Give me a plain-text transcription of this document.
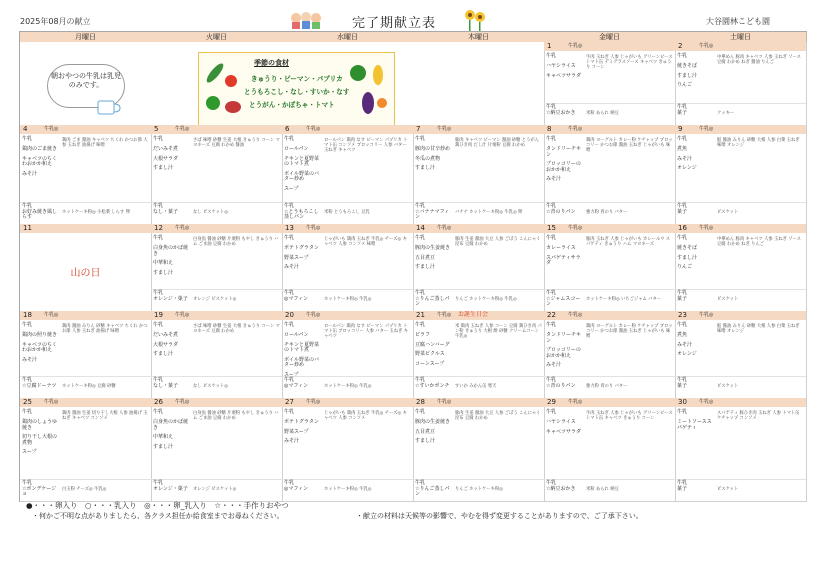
2025年08月の献立	完了期献立表	大谷園林こども園
月曜日	火曜日	水曜日	木曜日	金曜日	土曜日
朝おやつの牛乳は乳児のみです。
季節の食材
きゅうり・ピーマン・パプリカ
とうもろこし・なし・すいか・なす
とうがん・かぼちゃ・トマト
1	牛乳◎
牛乳
ハヤシライス
キャベツサラダ
牛肉 玉ねぎ 人参 じゃがいも グリーンピース トマト缶 デミグラスソース キャベツ きゅうり コーン
牛乳
☆納豆おかき	米粉 あられ 納豆
2	牛乳◎
牛乳
焼きそば
すまし汁
りんご
中華めん 豚肉 キャベツ 人参 玉ねぎ ソース 豆腐 わかめ ねぎ 醤油 りんご
牛乳
菓子	クッキー
4	牛乳◎
牛乳
鶏肉のごま焼き
キャベツのちくわおかか和え
みそ汁
鶏肉 ごま 醤油 キャベツ ちくわ かつお節 人参 玉ねぎ 油揚げ 味噌
牛乳
お好み焼き風しらす
ホットケーキ粉◎ 小松菜 しらす 卵
5	牛乳◎
牛乳
だいみそ煮
大根サラダ
すまし汁
さば 味噌 砂糖 生姜 大根 きゅうり コーン マヨネーズ 豆腐 わかめ 醤油
牛乳
なし・菓子	なし ビスケット◎
6	牛乳◎
牛乳
ロールパン
チキンと夏野菜のトマト煮
ボイル野菜のバター炒め
スープ
ロールパン 鶏肉 なす ピーマン パプリカ トマト缶 コンソメ ブロッコリー 人参 バター 玉ねぎ キャベツ
牛乳
☆とうもろこし蒸しパン
米粉 とうもろこし 豆乳
7	牛乳◎
牛乳
豚肉の甘辛炒め
冬瓜の煮物
すまし汁
豚肉 キャベツ ピーマン 醤油 砂糖 とうがん 鶏ひき肉 だし汁 片栗粉 豆腐 わかめ
牛乳
☆バナナマフィン
バナナ ホットケーキ粉◎ 牛乳◎ 卵
8	牛乳◎
牛乳
タンドリーチキン
ブロッコリーのおかか和え
みそ汁
鶏肉 ヨーグルト カレー粉 ケチャップ ブロッコリー かつお節 醤油 玉ねぎ じゃがいも 味噌
牛乳
☆青のりパン	強力粉 青のり バター
9	牛乳◎
牛乳
煮魚
みそ汁
オレンジ
鮭 醤油 みりん 砂糖 大根 人参 白菜 玉ねぎ 味噌 オレンジ
牛乳
菓子	ビスケット
11
山の日
12 牛乳◎
牛乳
白身魚のかば焼き
中華和え
すまし汁
白身魚 醤油 砂糖 片栗粉 もやし きゅうり ハム ごま油 豆腐 わかめ
牛乳
オレンジ・菓子	オレンジ ビスケット◎
13 牛乳◎
牛乳
ポテトグラタン
野菜スープ
みそ汁
じゃがいも 鶏肉 玉ねぎ 牛乳◎ チーズ◎ キャベツ 人参 コンソメ 味噌
牛乳
◎マフィン	ホットケーキ粉◎ 牛乳◎
14 牛乳◎
牛乳
豚肉の生姜焼き
五目煮豆
すまし汁
豚肉 生姜 醤油 大豆 人参 ごぼう こんにゃく 昆布 豆腐 わかめ
牛乳
☆りんご蒸しパン
りんご ホットケーキ粉◎ 牛乳◎
15 牛乳◎
牛乳
カレーライス
スパゲティサラダ
豚肉 玉ねぎ 人参 じゃがいも カレールウ スパゲティ きゅうり ハム マヨネーズ
牛乳
☆ジャムスコーン
ホットケーキ粉◎ いちごジャム バター
16 牛乳◎
牛乳
焼きそば
すまし汁
りんご
中華めん 豚肉 キャベツ 人参 玉ねぎ ソース 豆腐 わかめ ねぎ りんご
牛乳
菓子	ビスケット
18 牛乳◎
牛乳
鶏肉の照り焼き
キャベツのちくわおかか和え
みそ汁
鶏肉 醤油 みりん 砂糖 キャベツ ちくわ かつお節 人参 玉ねぎ 油揚げ 味噌
牛乳
☆豆腐ドーナツ	ホットケーキ粉◎ 豆腐 砂糖
19 牛乳◎
牛乳
だいみそ煮
大根サラダ
すまし汁
さば 味噌 砂糖 生姜 大根 きゅうり コーン マヨネーズ 豆腐 わかめ
牛乳
なし・菓子	なし ビスケット◎
20 牛乳◎
牛乳
ロールパン
チキンと夏野菜のトマト煮
ボイル野菜のバター炒め
スープ
ロールパン 鶏肉 なす ピーマン パプリカ トマト缶 ブロッコリー 人参 バター 玉ねぎ キャベツ
牛乳
◎マフィン	ホットケーキ粉◎ 牛乳◎
21 牛乳◎ お誕生日会
牛乳
ピラフ
豆腐ハンバーグ
野菜ピクルス
コーンスープ
米 鶏肉 玉ねぎ 人参 コーン 豆腐 鶏ひき肉 パン粉 きゅうり 大根 酢 砂糖 クリームコーン 牛乳◎
牛乳
☆すいかポンチ	すいか みかん缶 寒天
22 牛乳◎
牛乳
タンドリーチキン
ブロッコリーのおかか和え
みそ汁
鶏肉 ヨーグルト カレー粉 ケチャップ ブロッコリー かつお節 醤油 玉ねぎ じゃがいも 味噌
牛乳
☆青のりパン	強力粉 青のり バター
23 牛乳◎
牛乳
煮魚
みそ汁
オレンジ
鮭 醤油 みりん 砂糖 大根 人参 白菜 玉ねぎ 味噌 オレンジ
牛乳
菓子	ビスケット
25 牛乳◎
牛乳
鶏肉のしょうゆ焼き
切り干し大根の煮物
スープ
鶏肉 醤油 生姜 切り干し大根 人参 油揚げ 玉ねぎ キャベツ コンソメ
牛乳
☆ポンデケージョ
白玉粉 チーズ◎ 牛乳◎
26 牛乳◎
牛乳
白身魚のかば焼き
中華和え
すまし汁
白身魚 醤油 砂糖 片栗粉 もやし きゅうり ハム ごま油 豆腐 わかめ
牛乳
オレンジ・菓子	オレンジ ビスケット◎
27 牛乳◎
牛乳
ポテトグラタン
野菜スープ
みそ汁
じゃがいも 鶏肉 玉ねぎ 牛乳◎ チーズ◎ キャベツ 人参 コンソメ
牛乳
◎マフィン	ホットケーキ粉◎ 牛乳◎
28 牛乳◎
牛乳
豚肉の生姜焼き
五目煮豆
すまし汁
豚肉 生姜 醤油 大豆 人参 ごぼう こんにゃく 昆布 豆腐 わかめ
牛乳
☆りんご蒸しパン
りんご ホットケーキ粉◎
29 牛乳◎
牛乳
ハヤシライス
キャベツサラダ
牛肉 玉ねぎ 人参 じゃがいも グリーンピース トマト缶 キャベツ きゅうり コーン
牛乳
☆納豆おかき	米粉 あられ 納豆
30 牛乳◎
牛乳
ミートソーススパゲティ
スパゲティ 豚ひき肉 玉ねぎ 人参 トマト缶 ケチャップ コンソメ
牛乳
菓子	ビスケット
●・・・卵入り　○・・・乳入り　◎・・・卵_乳入り　☆・・・手作りおやつ
・何かご不明な点がありましたら、各クラス担任か給食室までお尋ねください。	・献立の材料は天候等の影響で、やむを得ず変更することがありますので、ご了承下さい。
